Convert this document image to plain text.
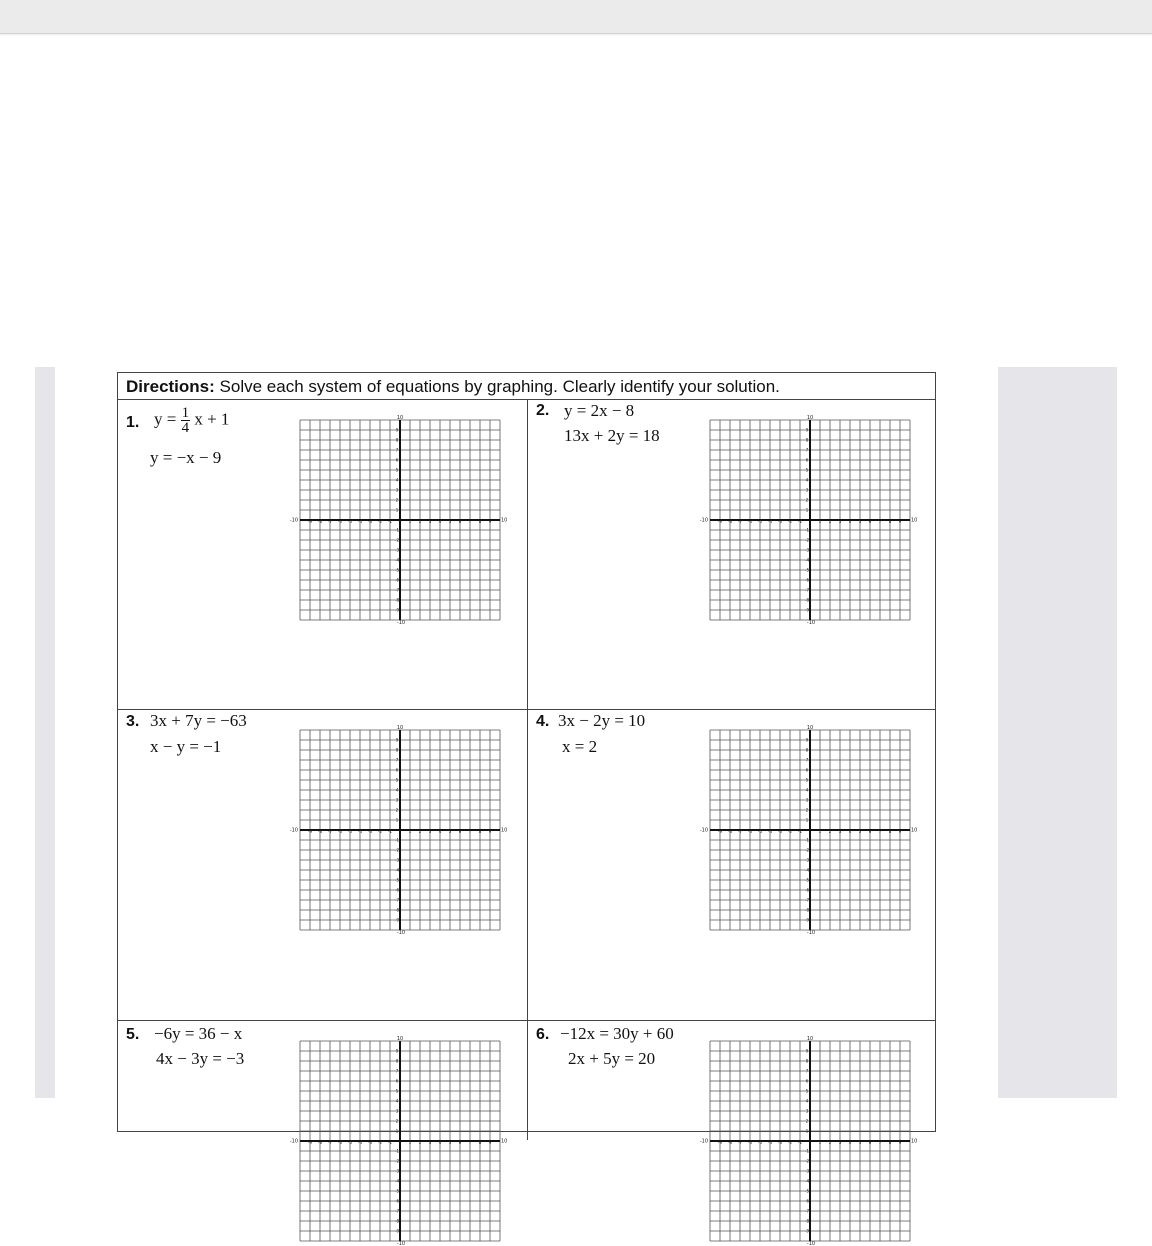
Directions: Solve each system of equations by graphing. Clearly identify your solution.
1. $y = \frac{1}{4}$ x + 1
y = −x − 9
-9 -8 -7 -6 -5 -4 -3 -2 -1	1 2 3 4 5 6 7 8 9
9
8
7
6
5
4
3
2
1
-1
-2
-3
-4
-5
-6
-7
-8
-9
-10	10
10
-10
2. y = 2x − 8
13x + 2y = 18
-9 -8 -7 -6 -5 -4 -3 -2 -1	1 2 3 4 5 6 7 8 9
9
8
7
6
5
4
3
2
1
-1
-2
-3
-4
-5
-6
-7
-8
-9
-10	10
10
-10
3. 3x + 7y = −63
x − y = −1
-9 -8 -7 -6 -5 -4 -3 -2 -1	1 2 3 4 5 6 7 8 9
9
8
7
6
5
4
3
2
1
-1
-2
-3
-4
-5
-6
-7
-8
-9
-10	10
10
-10
4. 3x − 2y = 10
x = 2
-9 -8 -7 -6 -5 -4 -3 -2 -1	1 2 3 4 5 6 7 8 9
9
8
7
6
5
4
3
2
1
-1
-2
-3
-4
-5
-6
-7
-8
-9
-10	10
10
-10
5. −6y = 36 − x
4x − 3y = −3
-9 -8 -7 -6 -5 -4 -3 -2 -1	1 2 3 4 5 6 7 8 9
9
8
7
6
5
4
3
2
1
-1
-2
-3
-4
-5
-6
-7
-8
-9
-10	10
10
-10
6. −12x = 30y + 60
2x + 5y = 20
-9 -8 -7 -6 -5 -4 -3 -2 -1	1 2 3 4 5 6 7 8 9
9
8
7
6
5
4
3
2
1
-1
-2
-3
-4
-5
-6
-7
-8
-9
-10	10
10
-10
